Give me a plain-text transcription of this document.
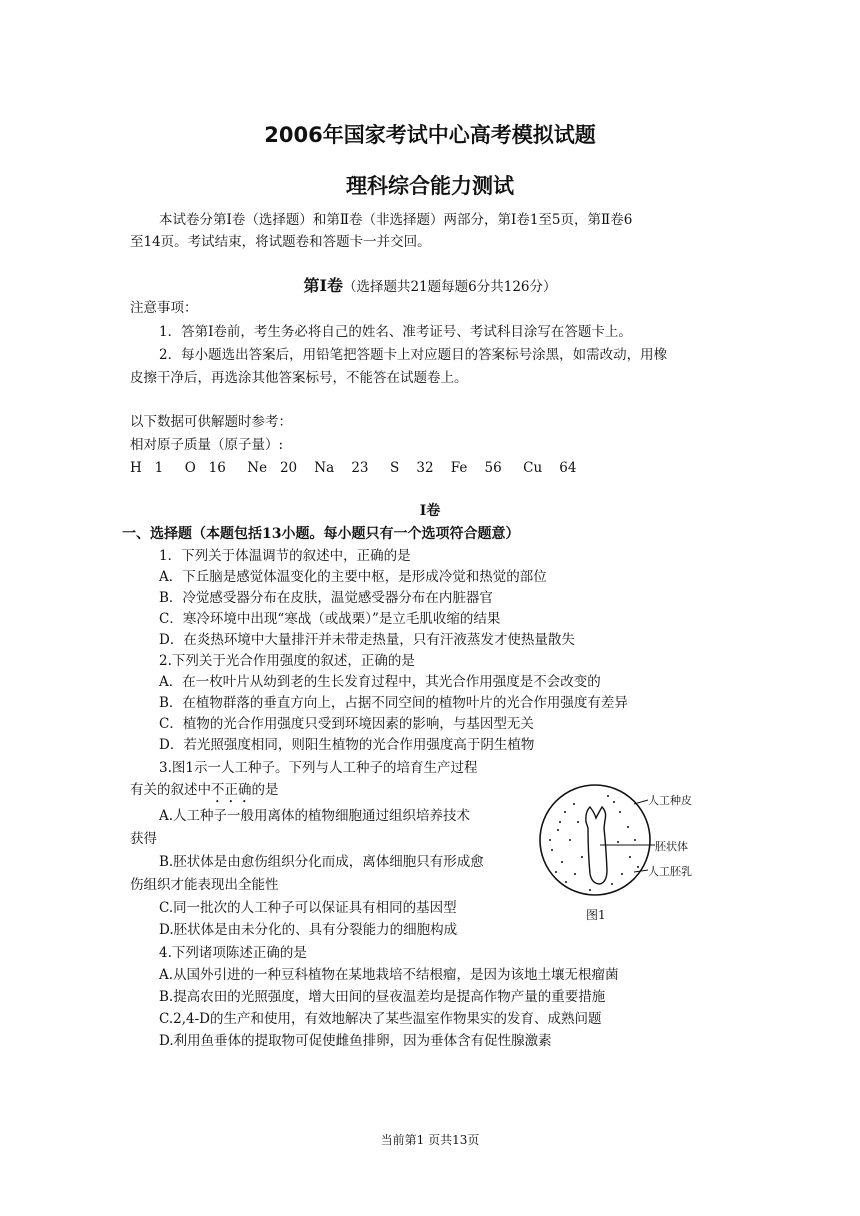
2006年国家考试中心高考模拟试题
理科综合能力测试
本试卷分第Ⅰ卷（选择题）和第Ⅱ卷（非选择题）两部分，第Ⅰ卷1至5页，第Ⅱ卷6
至14页。考试结束，将试题卷和答题卡一并交回。
第Ⅰ卷（选择题共21题每题6分共126分）
注意事项：
1．答第Ⅰ卷前，考生务必将自己的姓名、准考证号、考试科目涂写在答题卡上。
2．每小题选出答案后，用铅笔把答题卡上对应题目的答案标号涂黑，如需改动，用橡
皮擦干净后，再选涂其他答案标号，不能答在试题卷上。
以下数据可供解题时参考：
相对原子质量（原子量）:
H   1     O   16     Ne   20    Na    23     S    32    Fe    56     Cu    64
Ⅰ卷
一、选择题（本题包括13小题。每小题只有一个选项符合题意）
1．下列关于体温调节的叙述中，正确的是
A．下丘脑是感觉体温变化的主要中枢，是形成冷觉和热觉的部位
B．冷觉感受器分布在皮肤，温觉感受器分布在内脏器官
C．寒冷环境中出现“寒战（或战栗）”是立毛肌收缩的结果
D．在炎热环境中大量排汗并未带走热量，只有汗液蒸发才使热量散失
2.下列关于光合作用强度的叙述，正确的是
A．在一枚叶片从幼到老的生长发育过程中，其光合作用强度是不会改变的
B．在植物群落的垂直方向上，占据不同空间的植物叶片的光合作用强度有差异
C．植物的光合作用强度只受到环境因素的影响，与基因型无关
D．若光照强度相同，则阳生植物的光合作用强度高于阴生植物
3.图1示一人工种子。下列与人工种子的培育生产过程
有关的叙述中不正确的是
A.人工种子一般用离体的植物细胞通过组织培养技术
获得
B.胚状体是由愈伤组织分化而成，离体细胞只有形成愈
伤组织才能表现出全能性
C.同一批次的人工种子可以保证具有相同的基因型
D.胚状体是由未分化的、具有分裂能力的细胞构成
4.下列诸项陈述正确的是
A.从国外引进的一种豆科植物在某地栽培不结根瘤，是因为该地土壤无根瘤菌
B.提高农田的光照强度，增大田间的昼夜温差均是提高作物产量的重要措施
C.2,4-D的生产和使用，有效地解决了某些温室作物果实的发育、成熟问题
D.利用鱼垂体的提取物可促使雌鱼排卵，因为垂体含有促性腺激素
人工种皮
胚状体
人工胚乳
图1
当前第1 页共13页
